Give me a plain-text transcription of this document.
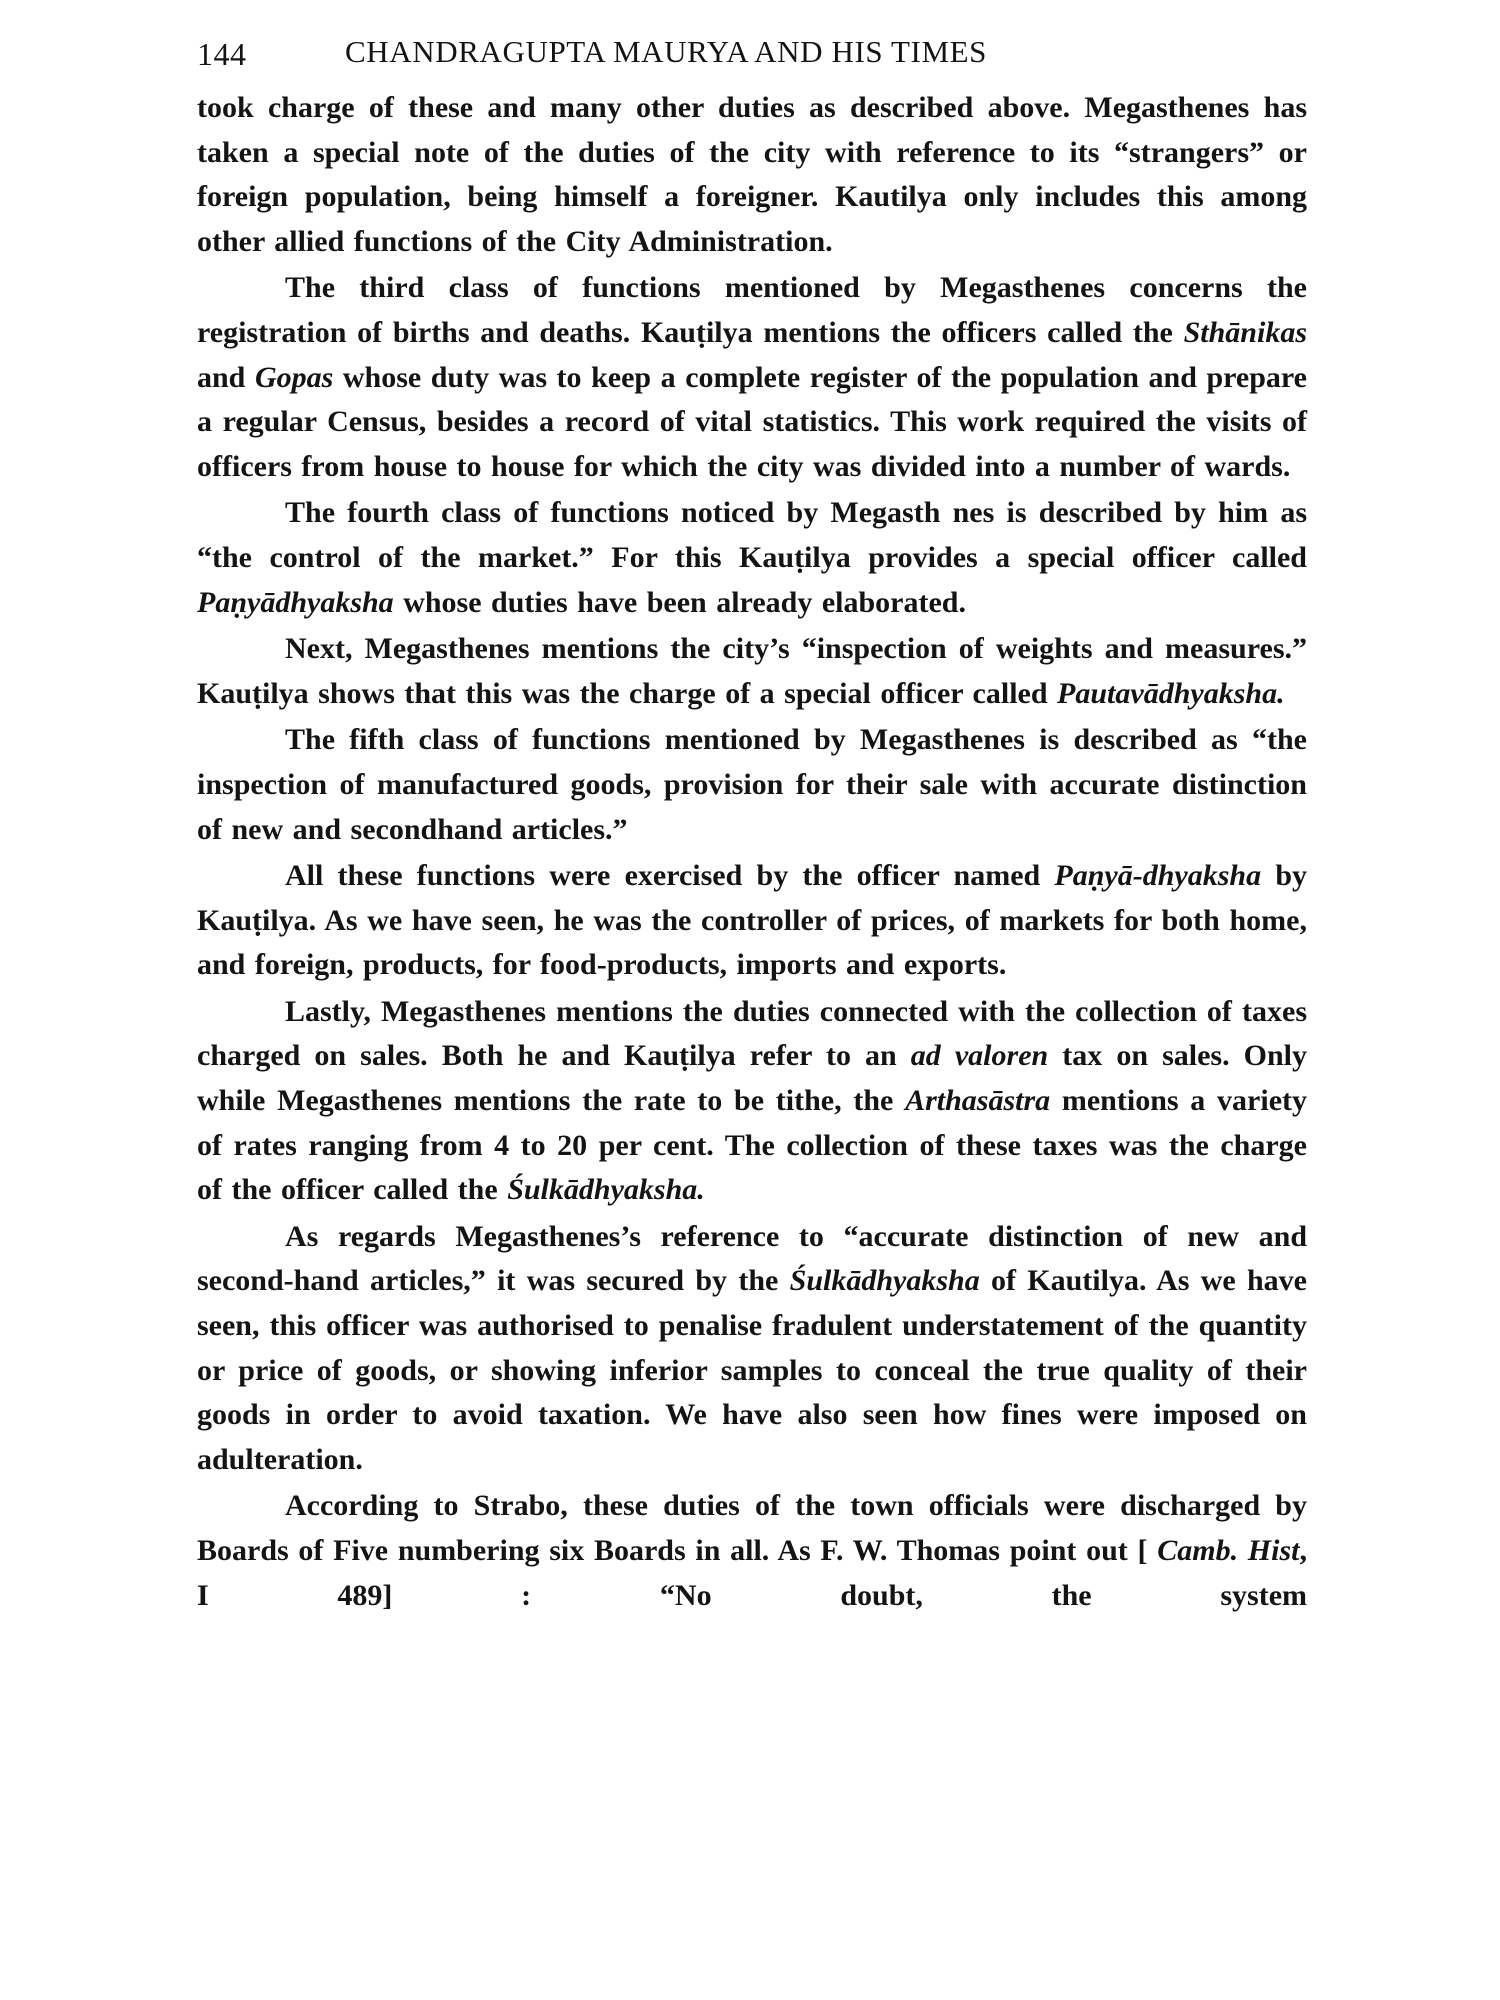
144	CHANDRAGUPTA MAURYA AND HIS TIMES

took charge of these and many other duties as described above. Megasthenes has taken a special note of the duties of the city with reference to its “strangers” or foreign population, being himself a foreigner. Kautilya only includes this among other allied functions of the City Administration.

The third class of functions mentioned by Megasthenes concerns the registration of births and deaths. Kauṭilya mentions the officers called the Sthānikas and Gopas whose duty was to keep a complete register of the population and prepare a regular Census, besides a record of vital statistics. This work required the visits of officers from house to house for which the city was divided into a number of wards.

The fourth class of functions noticed by Megasth nes is described by him as “the control of the market.” For this Kauṭilya provides a special officer called Paṇyādhyaksha whose duties have been already elaborated.

Next, Megasthenes mentions the city’s “inspection of weights and measures.” Kauṭilya shows that this was the charge of a special officer called Pautavādhyaksha.

The fifth class of functions mentioned by Megasthenes is described as “the inspection of manufactured goods, provision for their sale with accurate distinction of new and secondhand articles.”

All these functions were exercised by the officer named Paṇyā-dhyaksha by Kauṭilya. As we have seen, he was the controller of prices, of markets for both home, and foreign, products, for food-products, imports and exports.

Lastly, Megasthenes mentions the duties connected with the collection of taxes charged on sales. Both he and Kauṭilya refer to an ad valoren tax on sales. Only while Megasthenes mentions the rate to be tithe, the Arthasāstra mentions a variety of rates ranging from 4 to 20 per cent. The collection of these taxes was the charge of the officer called the Śulkādhyaksha.

As regards Megasthenes’s reference to “accurate distinction of new and second-hand articles,” it was secured by the Śulkādhyaksha of Kautilya. As we have seen, this officer was authorised to penalise fradulent understatement of the quantity or price of goods, or showing inferior samples to conceal the true quality of their goods in order to avoid taxation. We have also seen how fines were imposed on adulteration.

According to Strabo, these duties of the town officials were discharged by Boards of Five numbering six Boards in all. As F. W. Thomas point out [ Camb. Hist, I 489] : “No doubt, the system
